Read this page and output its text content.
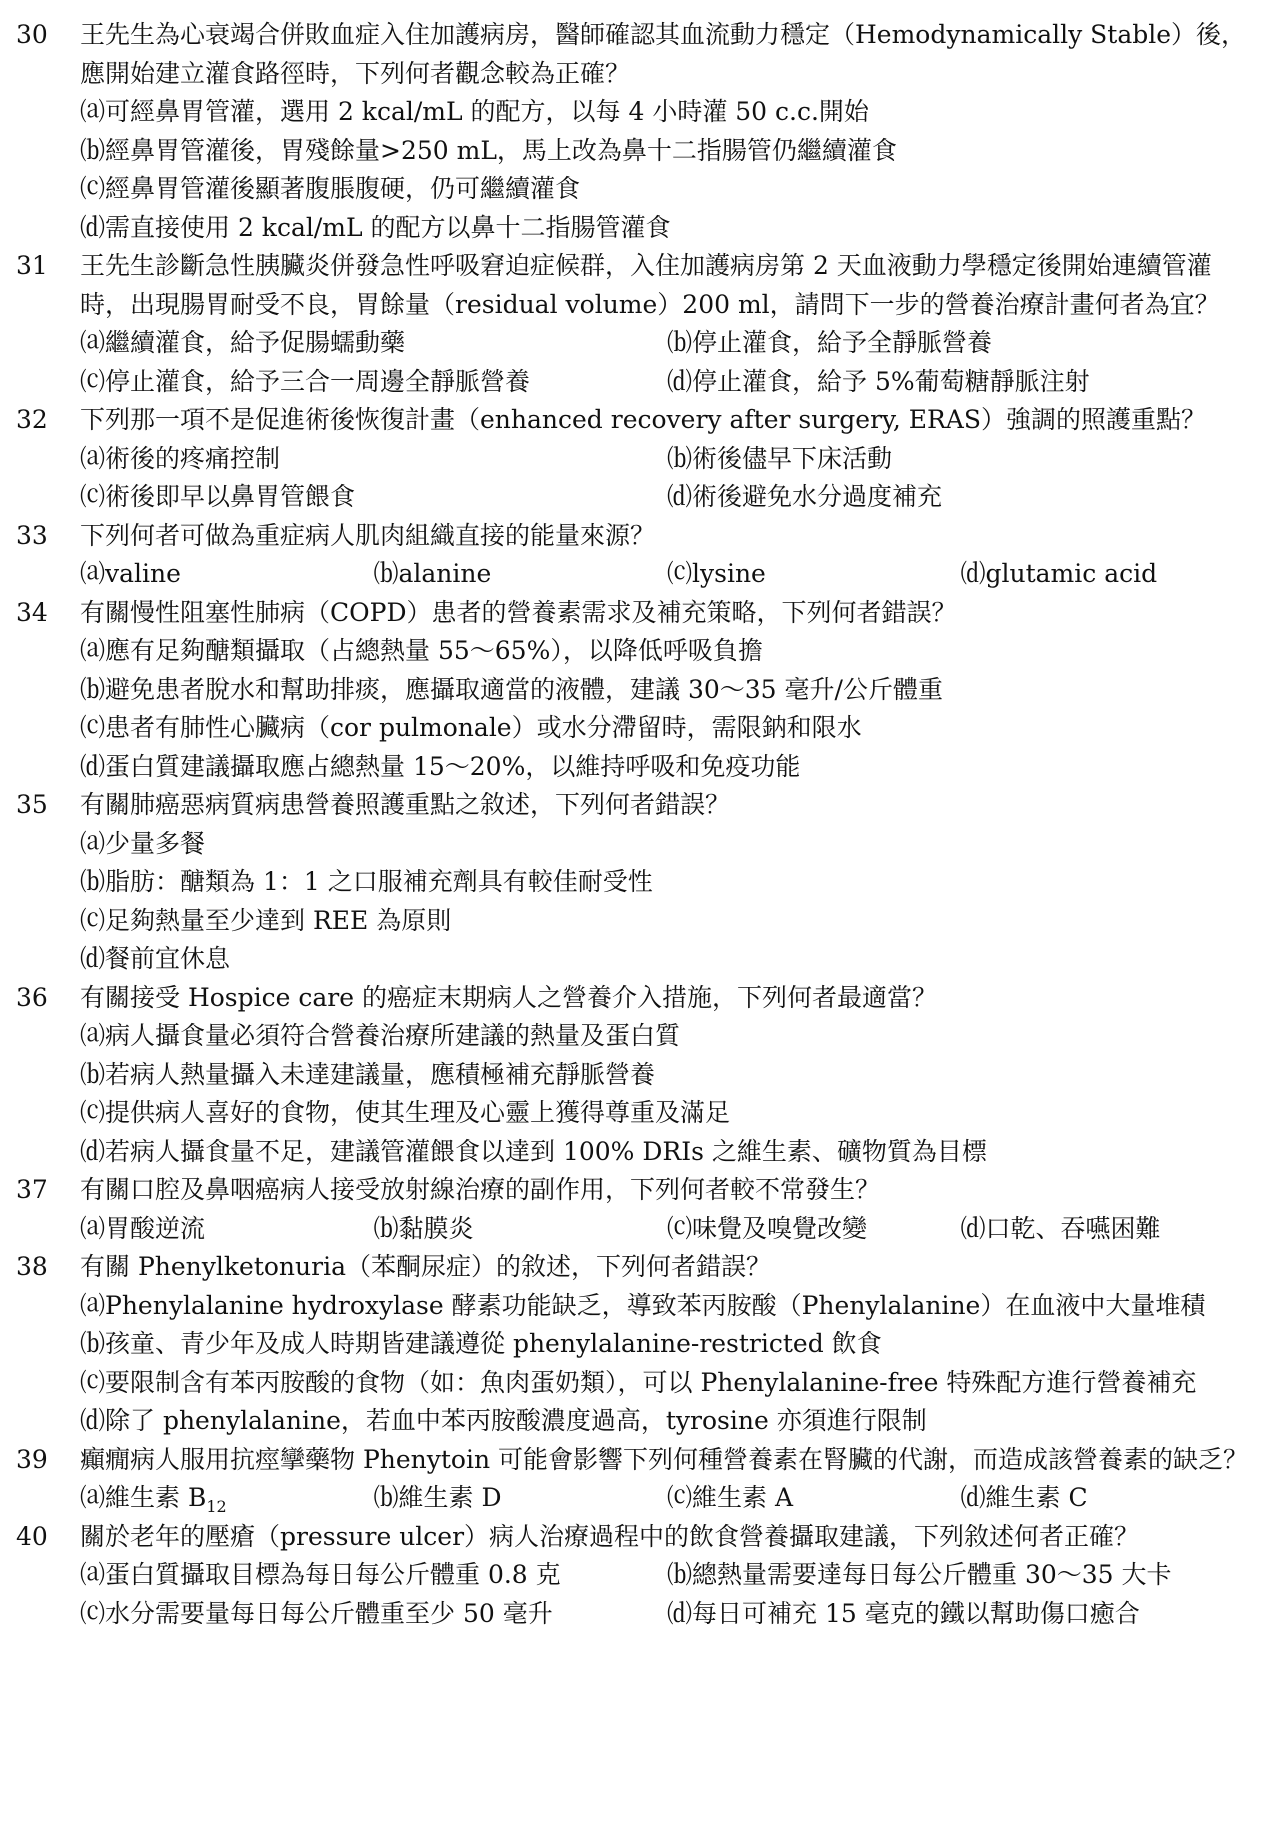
30	王先生為心衰竭合併敗血症入住加護病房，醫師確認其血流動力穩定（Hemodynamically Stable）後，應開始建立灌食路徑時，下列何者觀念較為正確？
⒜可經鼻胃管灌，選用 2 kcal/mL 的配方，以每 4 小時灌 50 c.c.開始
⒝經鼻胃管灌後，胃殘餘量>250 mL，馬上改為鼻十二指腸管仍繼續灌食
⒞經鼻胃管灌後顯著腹脹腹硬，仍可繼續灌食
⒟需直接使用 2 kcal/mL 的配方以鼻十二指腸管灌食
31	王先生診斷急性胰臟炎併發急性呼吸窘迫症候群，入住加護病房第 2 天血液動力學穩定後開始連續管灌時，出現腸胃耐受不良，胃餘量（residual volume）200 ml，請問下一步的營養治療計畫何者為宜？
⒜繼續灌食，給予促腸蠕動藥	⒝停止灌食，給予全靜脈營養
⒞停止灌食，給予三合一周邊全靜脈營養	⒟停止灌食，給予 5%葡萄糖靜脈注射
32	下列那一項不是促進術後恢復計畫（enhanced recovery after surgery, ERAS）強調的照護重點？
⒜術後的疼痛控制	⒝術後儘早下床活動
⒞術後即早以鼻胃管餵食	⒟術後避免水分過度補充
33	下列何者可做為重症病人肌肉組織直接的能量來源？
⒜valine	⒝alanine	⒞lysine	⒟glutamic acid
34	有關慢性阻塞性肺病（COPD）患者的營養素需求及補充策略，下列何者錯誤？
⒜應有足夠醣類攝取（占總熱量 55～65%），以降低呼吸負擔
⒝避免患者脫水和幫助排痰，應攝取適當的液體，建議 30～35 毫升/公斤體重
⒞患者有肺性心臟病（cor pulmonale）或水分滯留時，需限鈉和限水
⒟蛋白質建議攝取應占總熱量 15～20%，以維持呼吸和免疫功能
35	有關肺癌惡病質病患營養照護重點之敘述，下列何者錯誤？
⒜少量多餐
⒝脂肪：醣類為 1：1 之口服補充劑具有較佳耐受性
⒞足夠熱量至少達到 REE 為原則
⒟餐前宜休息
36	有關接受 Hospice care 的癌症末期病人之營養介入措施，下列何者最適當？
⒜病人攝食量必須符合營養治療所建議的熱量及蛋白質
⒝若病人熱量攝入未達建議量，應積極補充靜脈營養
⒞提供病人喜好的食物，使其生理及心靈上獲得尊重及滿足
⒟若病人攝食量不足，建議管灌餵食以達到 100% DRIs 之維生素、礦物質為目標
37	有關口腔及鼻咽癌病人接受放射線治療的副作用，下列何者較不常發生？
⒜胃酸逆流	⒝黏膜炎	⒞味覺及嗅覺改變	⒟口乾、吞嚥困難
38	有關 Phenylketonuria（苯酮尿症）的敘述，下列何者錯誤？
⒜Phenylalanine hydroxylase 酵素功能缺乏，導致苯丙胺酸（Phenylalanine）在血液中大量堆積
⒝孩童、青少年及成人時期皆建議遵從 phenylalanine-restricted 飲食
⒞要限制含有苯丙胺酸的食物（如：魚肉蛋奶類），可以 Phenylalanine-free 特殊配方進行營養補充
⒟除了 phenylalanine，若血中苯丙胺酸濃度過高，tyrosine 亦須進行限制
39	癲癇病人服用抗痙攣藥物 Phenytoin 可能會影響下列何種營養素在腎臟的代謝，而造成該營養素的缺乏？
⒜維生素 $B_{12}$	⒝維生素 D	⒞維生素 A	⒟維生素 C
40	關於老年的壓瘡（pressure ulcer）病人治療過程中的飲食營養攝取建議，下列敘述何者正確？
⒜蛋白質攝取目標為每日每公斤體重 0.8 克	⒝總熱量需要達每日每公斤體重 30～35 大卡
⒞水分需要量每日每公斤體重至少 50 毫升	⒟每日可補充 15 毫克的鐵以幫助傷口癒合
